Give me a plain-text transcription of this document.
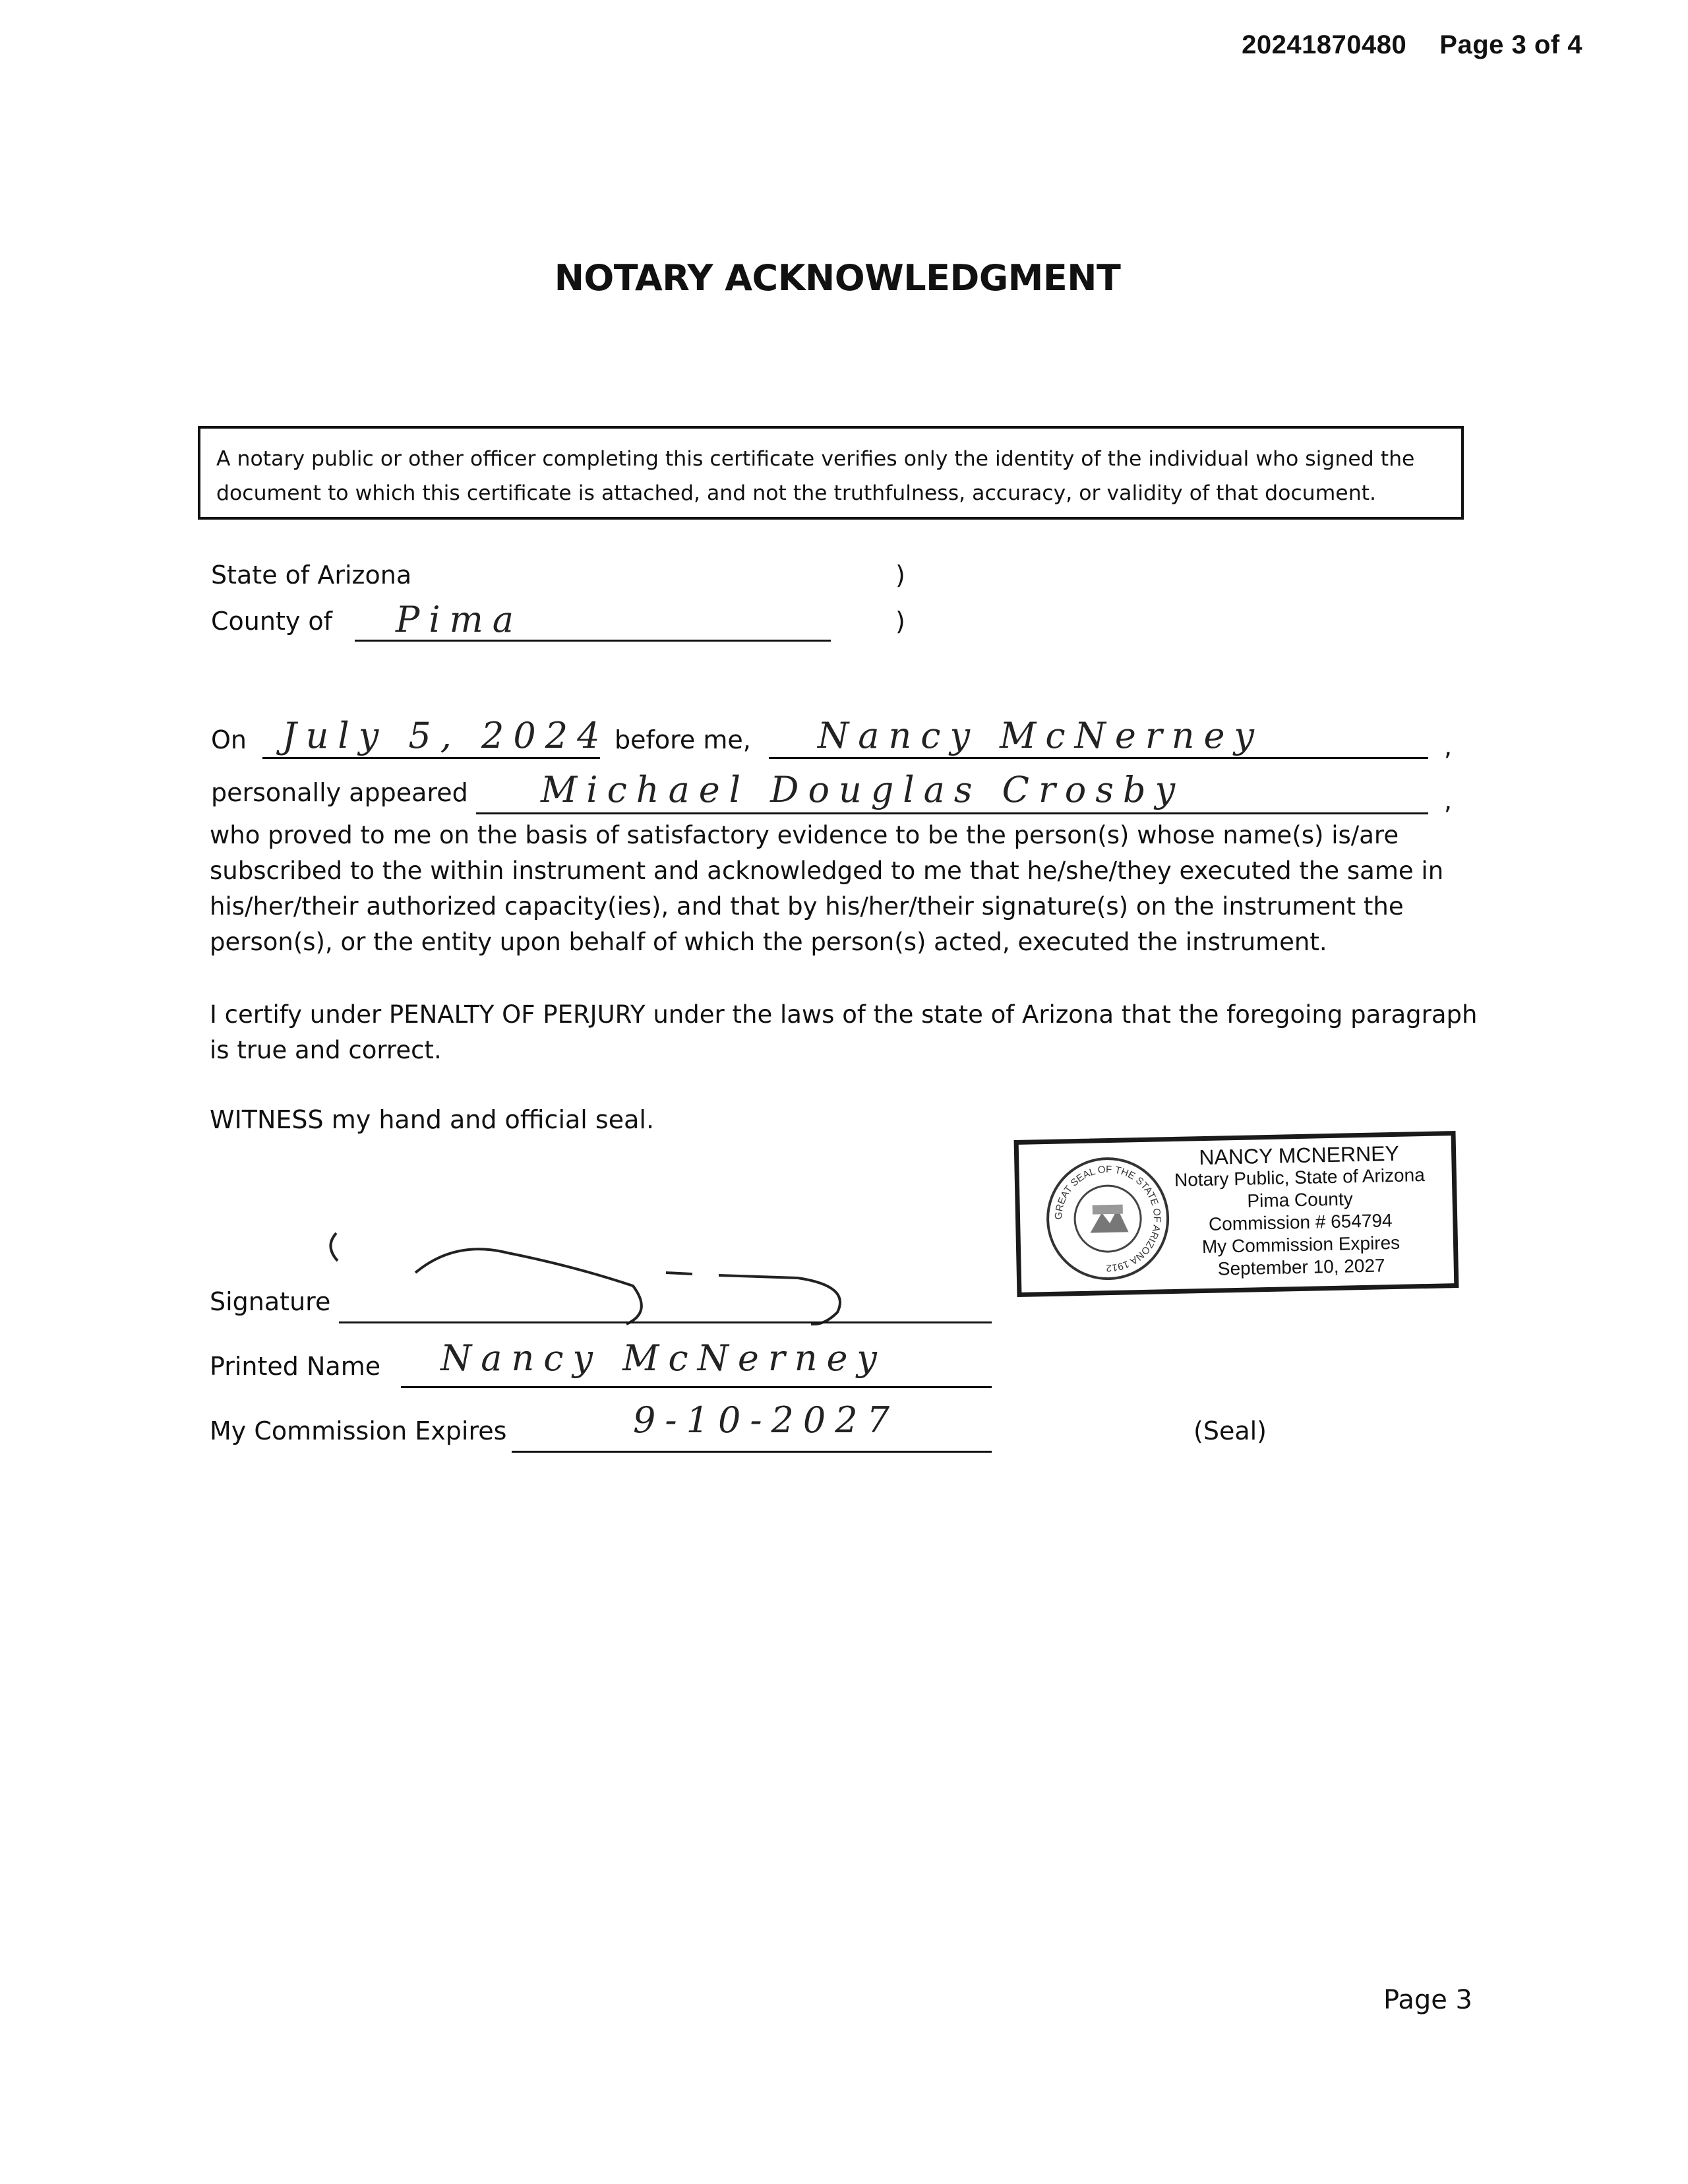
20241870480 Page 3 of 4
NOTARY ACKNOWLEDGMENT
A notary public or other officer completing this certificate verifies only the identity of the individual who signed the document to which this certificate is attached, and not the truthfulness, accuracy, or validity of that document.
State of Arizona	)
County of Pima	)
On July 5, 2024 before me, Nancy McNerney	,
personally appeared Michael Douglas Crosby	,
who proved to me on the basis of satisfactory evidence to be the person(s) whose name(s) is/are subscribed to the within instrument and acknowledged to me that he/she/they executed the same in his/her/their authorized capacity(ies), and that by his/her/their signature(s) on the instrument the person(s), or the entity upon behalf of which the person(s) acted, executed the instrument.
I certify under PENALTY OF PERJURY under the laws of the state of Arizona that the foregoing paragraph is true and correct.
WITNESS my hand and official seal.
GREAT SEAL OF THE STATE OF ARIZONA 1912
NANCY MCNERNEY
Notary Public, State of Arizona
Pima County
Commission # 654794
My Commission Expires
September 10, 2027
Signature
Printed Name Nancy McNerney
My Commission Expires	9-10-2027	(Seal)
Page 3
